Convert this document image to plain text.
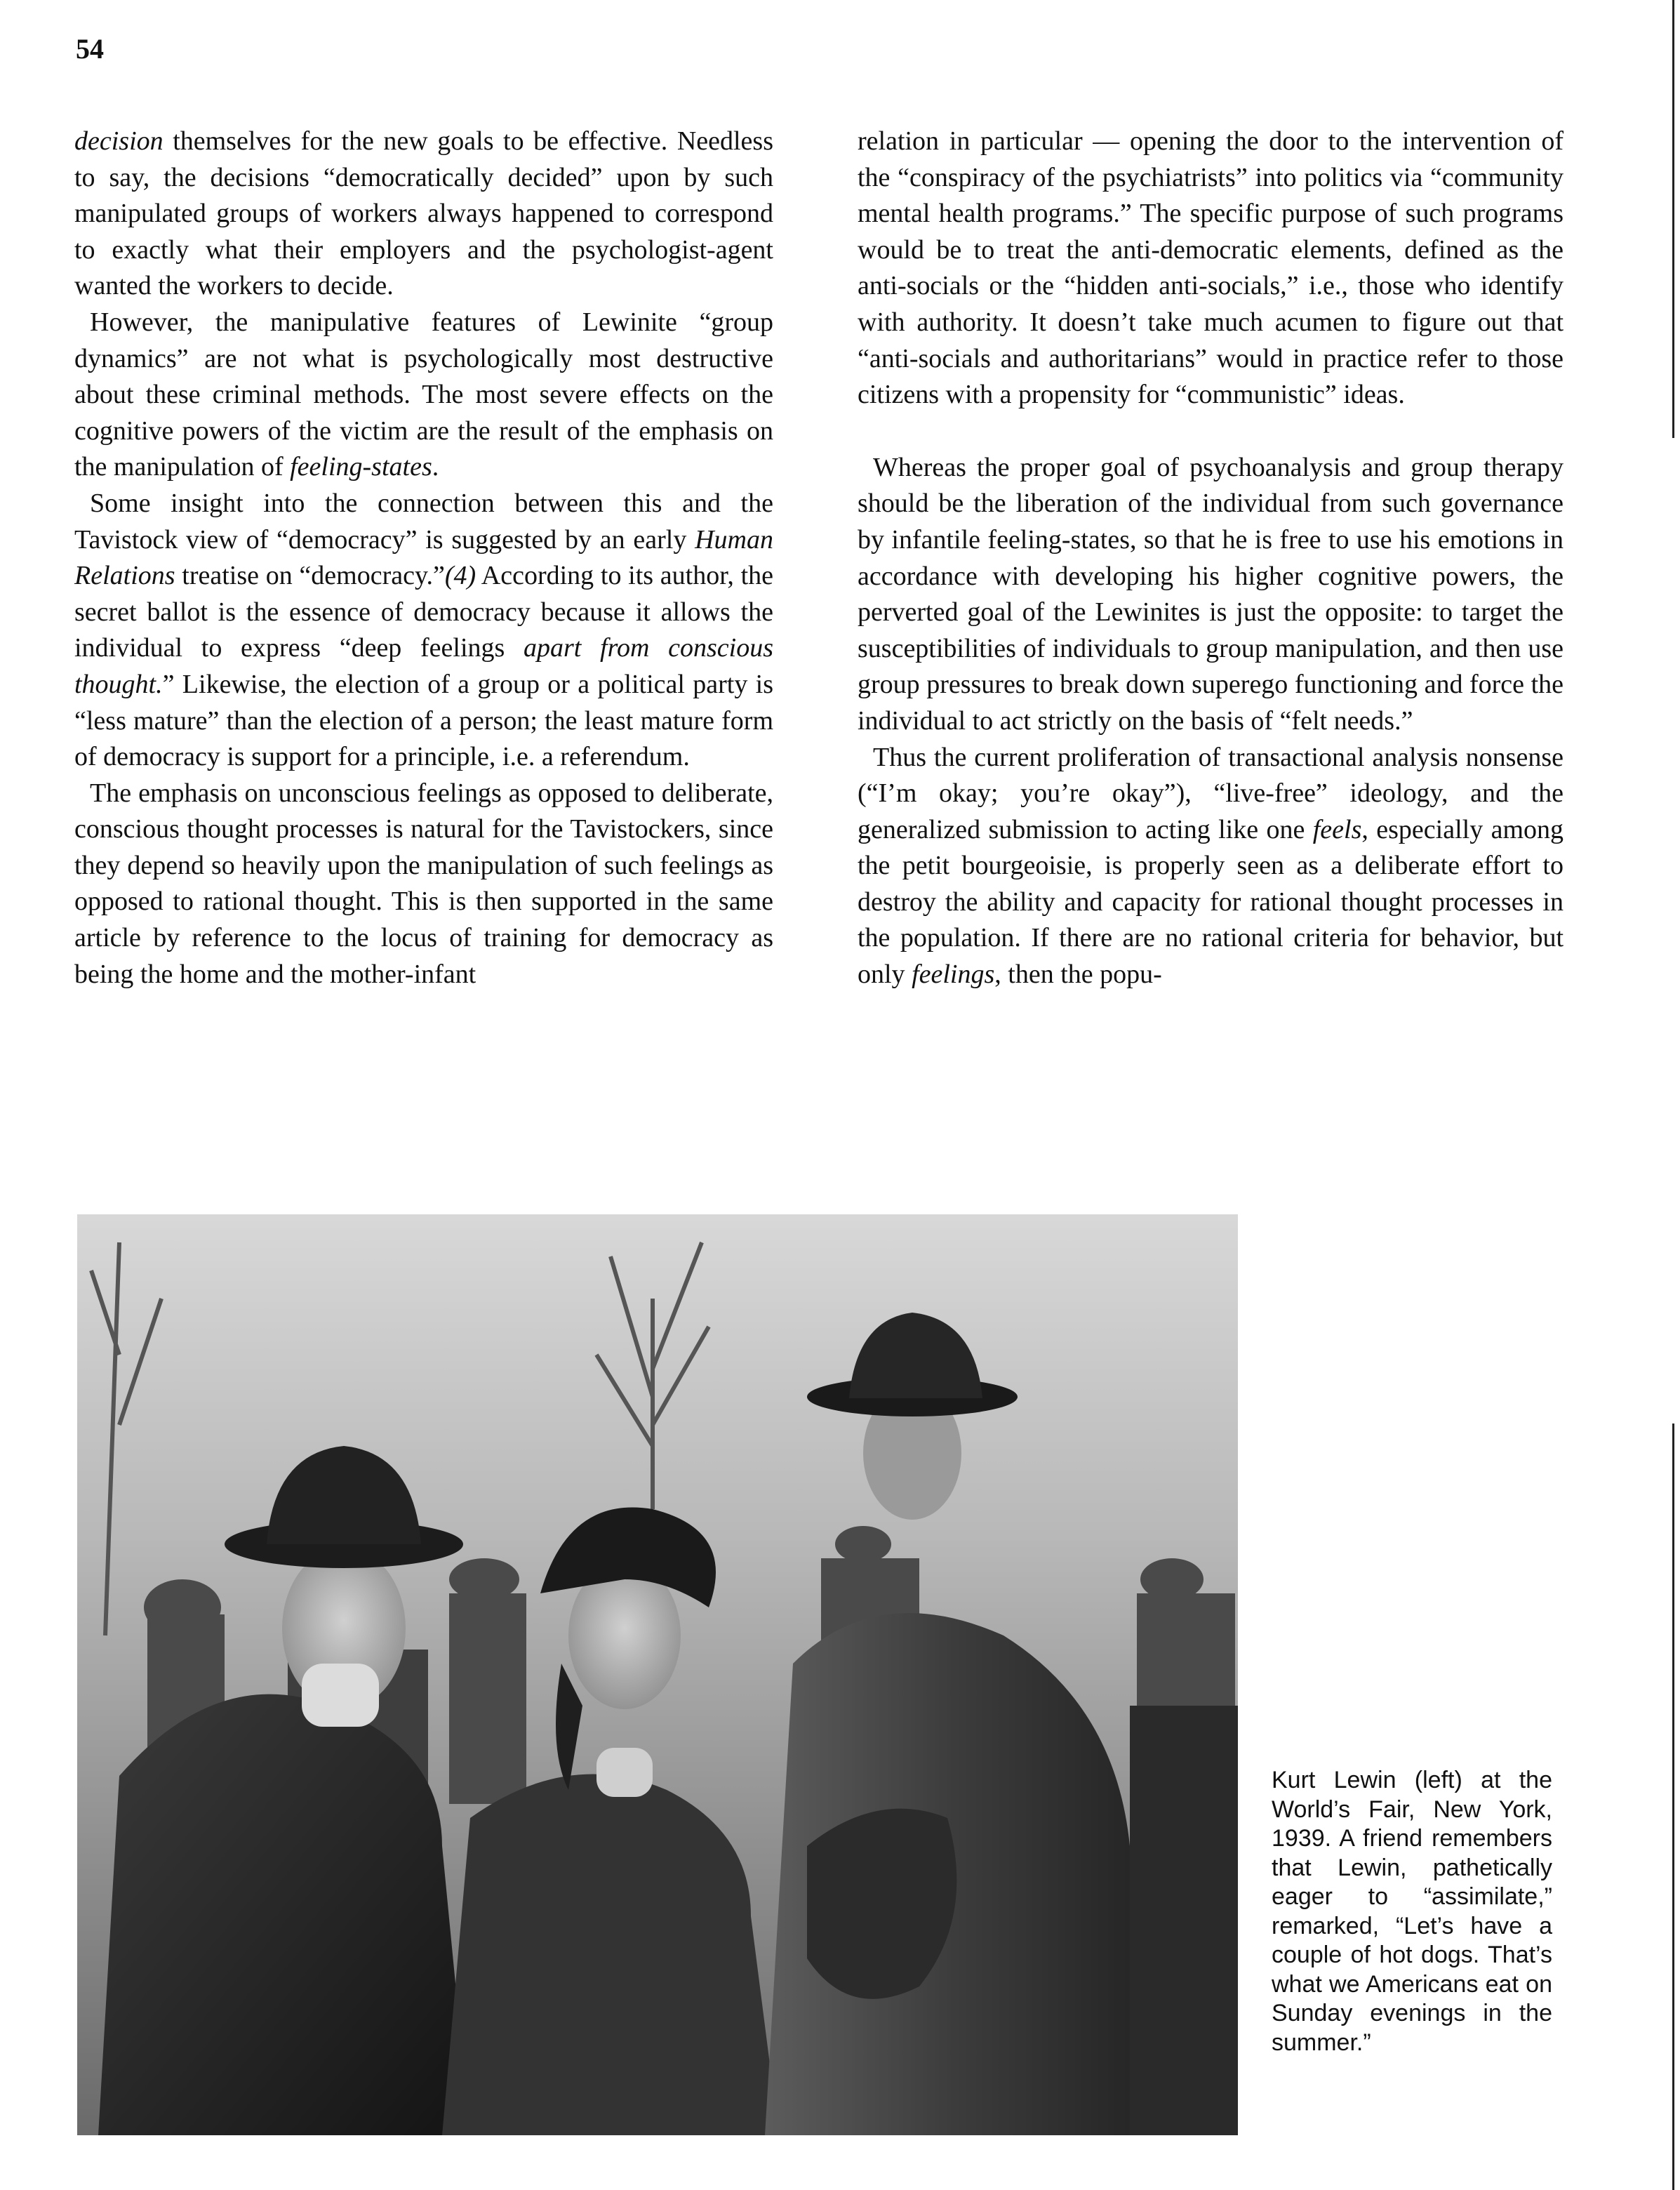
54

decision themselves for the new goals to be effective. Needless to say, the decisions “democratically decided” upon by such manipulated groups of workers always happened to correspond to exactly what their employers and the psychologist-agent wanted the workers to decide.

However, the manipulative features of Lewinite “group dynamics” are not what is psychologically most destructive about these criminal methods. The most severe effects on the cognitive powers of the victim are the result of the emphasis on the manipulation of feeling-states.

Some insight into the connection between this and the Tavistock view of “democracy” is suggested by an early Human Relations treatise on “democracy.”(4) According to its author, the secret ballot is the essence of democracy because it allows the individual to express “deep feelings apart from conscious thought.” Likewise, the election of a group or a political party is “less mature” than the election of a person; the least mature form of democracy is support for a principle, i.e. a referendum.

The emphasis on unconscious feelings as opposed to deliberate, conscious thought processes is natural for the Tavistockers, since they depend so heavily upon the manipulation of such feelings as opposed to rational thought. This is then supported in the same article by reference to the locus of training for democracy as being the home and the mother-infant

relation in particular — opening the door to the intervention of the “conspiracy of the psychiatrists” into politics via “community mental health programs.” The specific purpose of such programs would be to treat the anti-democratic elements, defined as the anti-socials or the “hidden anti-socials,” i.e., those who identify with authority. It doesn’t take much acumen to figure out that “anti-socials and authoritarians” would in practice refer to those citizens with a propensity for “communistic” ideas.

Whereas the proper goal of psychoanalysis and group therapy should be the liberation of the individual from such governance by infantile feeling-states, so that he is free to use his emotions in accordance with developing his higher cognitive powers, the perverted goal of the Lewinites is just the opposite: to target the susceptibilities of individuals to group manipulation, and then use group pressures to break down superego functioning and force the individual to act strictly on the basis of “felt needs.”

Thus the current proliferation of transactional analysis nonsense (“I’m okay; you’re okay”), “live-free” ideology, and the generalized submission to acting like one feels, especially among the petit bourgeoisie, is properly seen as a deliberate effort to destroy the ability and capacity for rational thought processes in the population. If there are no rational criteria for behavior, but only feelings, then the popu-

Kurt Lewin (left) at the World’s Fair, New York, 1939. A friend remembers that Lewin, pathetically eager to “assimilate,” remarked, “Let’s have a couple of hot dogs. That’s what we Americans eat on Sunday evenings in the summer.”
